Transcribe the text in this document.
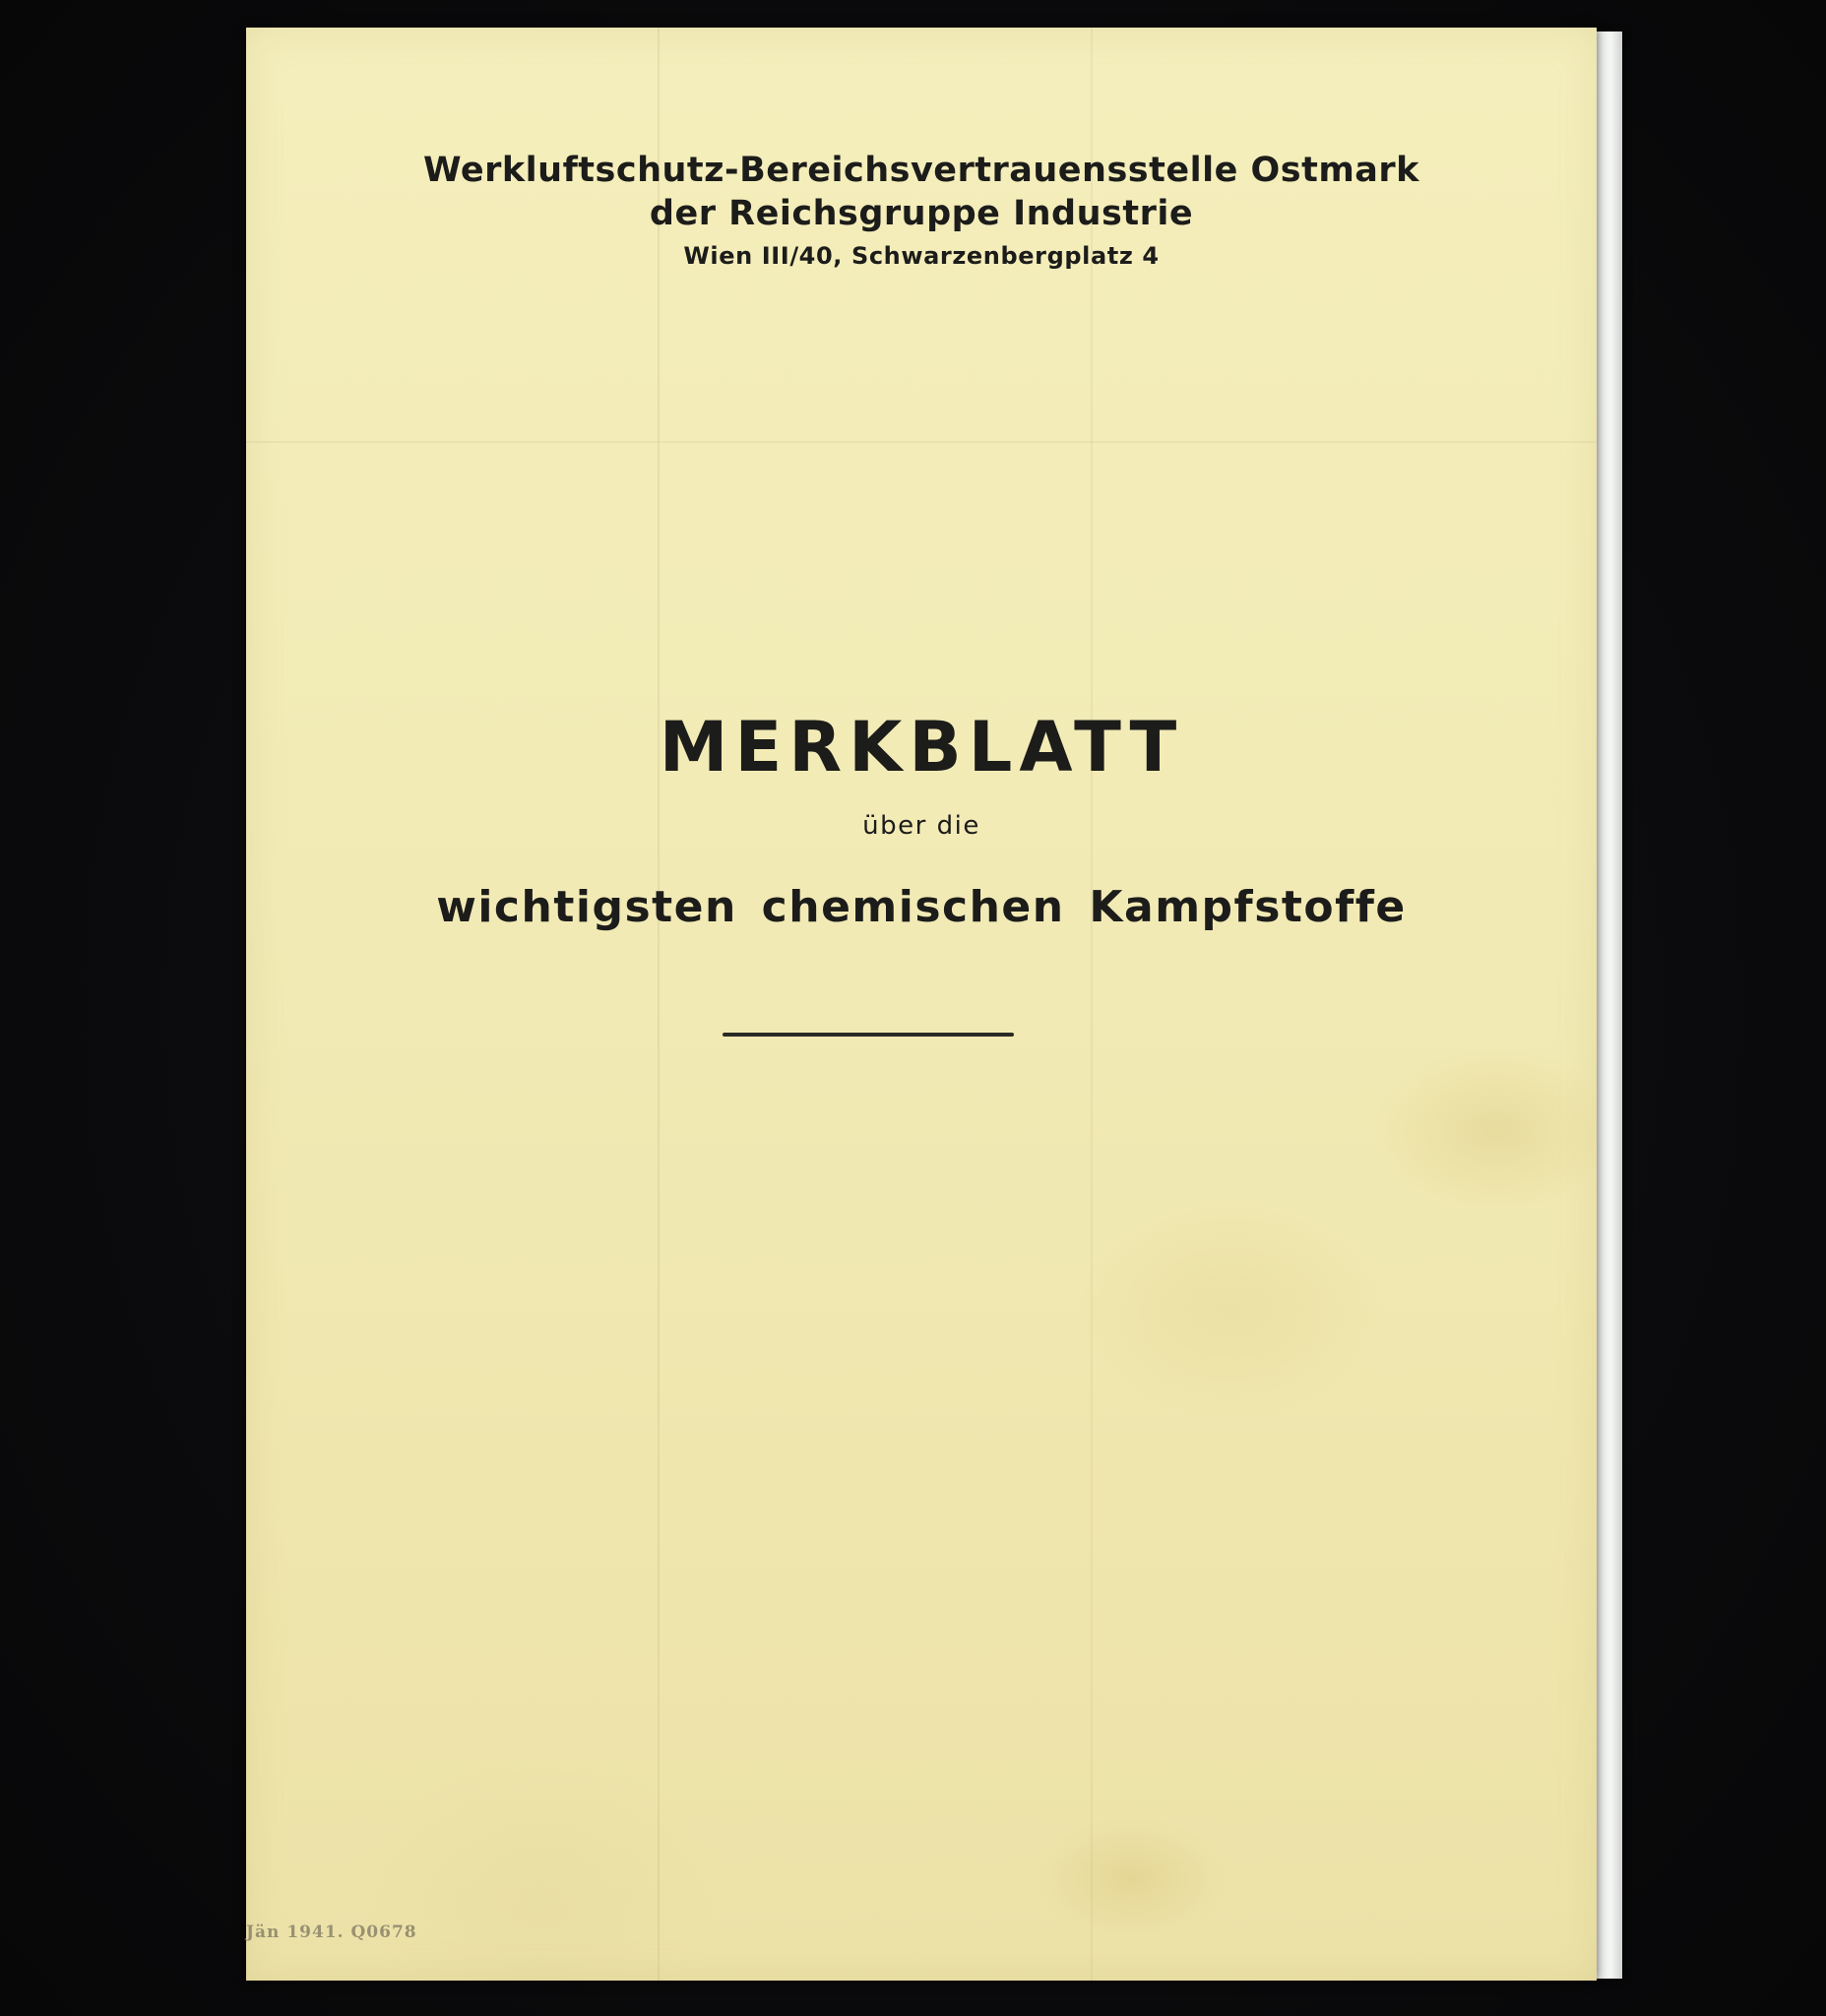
Werkluftschutz-Bereichsvertrauensstelle Ostmark

der Reichsgruppe Industrie

Wien III/40, Schwarzenbergplatz 4
MERKBLATT
über die
wichtigsten chemischen Kampfstoffe
Jän 1941. Q0678
